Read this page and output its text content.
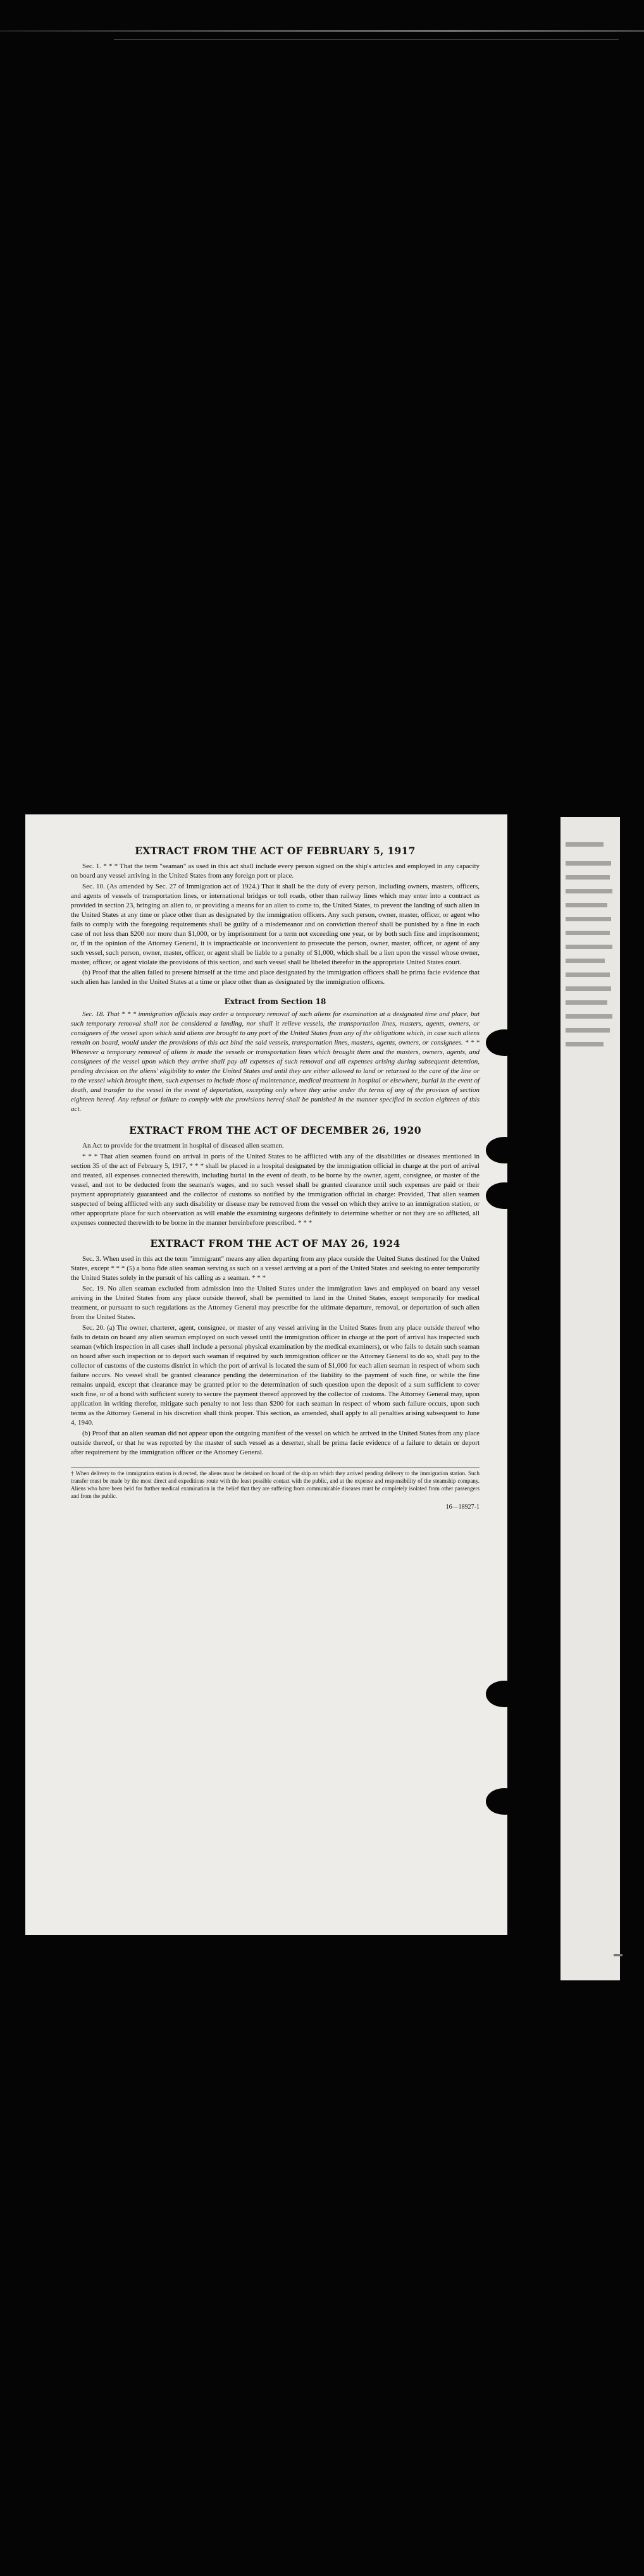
EXTRACT FROM THE ACT OF FEBRUARY 5, 1917

Sec. 1. * * * That the term "seaman" as used in this act shall include every person signed on the ship's articles and employed in any capacity on board any vessel arriving in the United States from any foreign port or place.

Sec. 10. (As amended by Sec. 27 of Immigration act of 1924.) That it shall be the duty of every person, including owners, masters, officers, and agents of vessels of transportation lines, or international bridges or toll roads, other than railway lines which may enter into a contract as provided in section 23, bringing an alien to, or providing a means for an alien to come to, the United States, to prevent the landing of such alien in the United States at any time or place other than as designated by the immigration officers. Any such person, owner, master, officer, or agent who fails to comply with the foregoing requirements shall be guilty of a misdemeanor and on conviction thereof shall be punished by a fine in each case of not less than $200 nor more than $1,000, or by imprisonment for a term not exceeding one year, or by both such fine and imprisonment; or, if in the opinion of the Attorney General, it is impracticable or inconvenient to prosecute the person, owner, master, officer, or agent of any such vessel, such person, owner, master, officer, or agent shall be liable to a penalty of $1,000, which shall be a lien upon the vessel whose owner, master, officer, or agent violate the provisions of this section, and such vessel shall be libeled therefor in the appropriate United States court.

(b) Proof that the alien failed to present himself at the time and place designated by the immigration officers shall be prima facie evidence that such alien has landed in the United States at a time or place other than as designated by the immigration officers.

Extract from Section 18

Sec. 18. That * * * immigration officials may order a temporary removal of such aliens for examination at a designated time and place, but such temporary removal shall not be considered a landing, nor shall it relieve vessels, the transportation lines, masters, agents, owners, or consignees of the vessel upon which said aliens are brought to any port of the United States from any of the obligations which, in case such aliens remain on board, would under the provisions of this act bind the said vessels, transportation lines, masters, agents, owners, or consignees. * * * Whenever a temporary removal of aliens is made the vessels or transportation lines which brought them and the masters, owners, agents, and consignees of the vessel upon which they arrive shall pay all expenses of such removal and all expenses arising during subsequent detention, pending decision on the aliens' eligibility to enter the United States and until they are either allowed to land or returned to the care of the line or to the vessel which brought them, such expenses to include those of maintenance, medical treatment in hospital or elsewhere, burial in the event of death, and transfer to the vessel in the event of deportation, excepting only where they arise under the terms of any of the provisos of section eighteen hereof. Any refusal or failure to comply with the provisions hereof shall be punished in the manner specified in section eighteen of this act.

EXTRACT FROM THE ACT OF DECEMBER 26, 1920

An Act to provide for the treatment in hospital of diseased alien seamen.

* * * That alien seamen found on arrival in ports of the United States to be afflicted with any of the disabilities or diseases mentioned in section 35 of the act of February 5, 1917, * * * shall be placed in a hospital designated by the immigration official in charge at the port of arrival and treated, all expenses connected therewith, including burial in the event of death, to be borne by the owner, agent, consignee, or master of the vessel, and not to be deducted from the seaman's wages, and no such vessel shall be granted clearance until such expenses are paid or their payment appropriately guaranteed and the collector of customs so notified by the immigration official in charge: Provided, That alien seamen suspected of being afflicted with any such disability or disease may be removed from the vessel on which they arrive to an immigration station, or other appropriate place for such observation as will enable the examining surgeons definitely to determine whether or not they are so afflicted, all expenses connected therewith to be borne in the manner hereinbefore prescribed. * * *

EXTRACT FROM THE ACT OF MAY 26, 1924

Sec. 3. When used in this act the term "immigrant" means any alien departing from any place outside the United States destined for the United States, except * * * (5) a bona fide alien seaman serving as such on a vessel arriving at a port of the United States and seeking to enter temporarily the United States solely in the pursuit of his calling as a seaman. * * *

Sec. 19. No alien seaman excluded from admission into the United States under the immigration laws and employed on board any vessel arriving in the United States from any place outside thereof, shall be permitted to land in the United States, except temporarily for medical treatment, or pursuant to such regulations as the Attorney General may prescribe for the ultimate departure, removal, or deportation of such alien from the United States.

Sec. 20. (a) The owner, charterer, agent, consignee, or master of any vessel arriving in the United States from any place outside thereof who fails to detain on board any alien seaman employed on such vessel until the immigration officer in charge at the port of arrival has inspected such seaman (which inspection in all cases shall include a personal physical examination by the medical examiners), or who fails to detain such seaman on board after such inspection or to deport such seaman if required by such immigration officer or the Attorney General to do so, shall pay to the collector of customs of the customs district in which the port of arrival is located the sum of $1,000 for each alien seaman in respect of whom such failure occurs. No vessel shall be granted clearance pending the determination of the liability to the payment of such fine, or while the fine remains unpaid, except that clearance may be granted prior to the determination of such question upon the deposit of a sum sufficient to cover such fine, or of a bond with sufficient surety to secure the payment thereof approved by the collector of customs. The Attorney General may, upon application in writing therefor, mitigate such penalty to not less than $200 for each seaman in respect of whom such failure occurs, upon such terms as the Attorney General in his discretion shall think proper. This section, as amended, shall apply to all penalties arising subsequent to June 4, 1940.

(b) Proof that an alien seaman did not appear upon the outgoing manifest of the vessel on which he arrived in the United States from any place outside thereof, or that he was reported by the master of such vessel as a deserter, shall be prima facie evidence of a failure to detain or deport after requirement by the immigration officer or the Attorney General.

† When delivery to the immigration station is directed, the aliens must be detained on board of the ship on which they arrived pending delivery to the immigration station. Such transfer must be made by the most direct and expeditious route with the least possible contact with the public, and at the expense and responsibility of the steamship company. Aliens who have been held for further medical examination in the belief that they are suffering from communicable diseases must be completely isolated from other passengers and from the public.
16—18927-1
